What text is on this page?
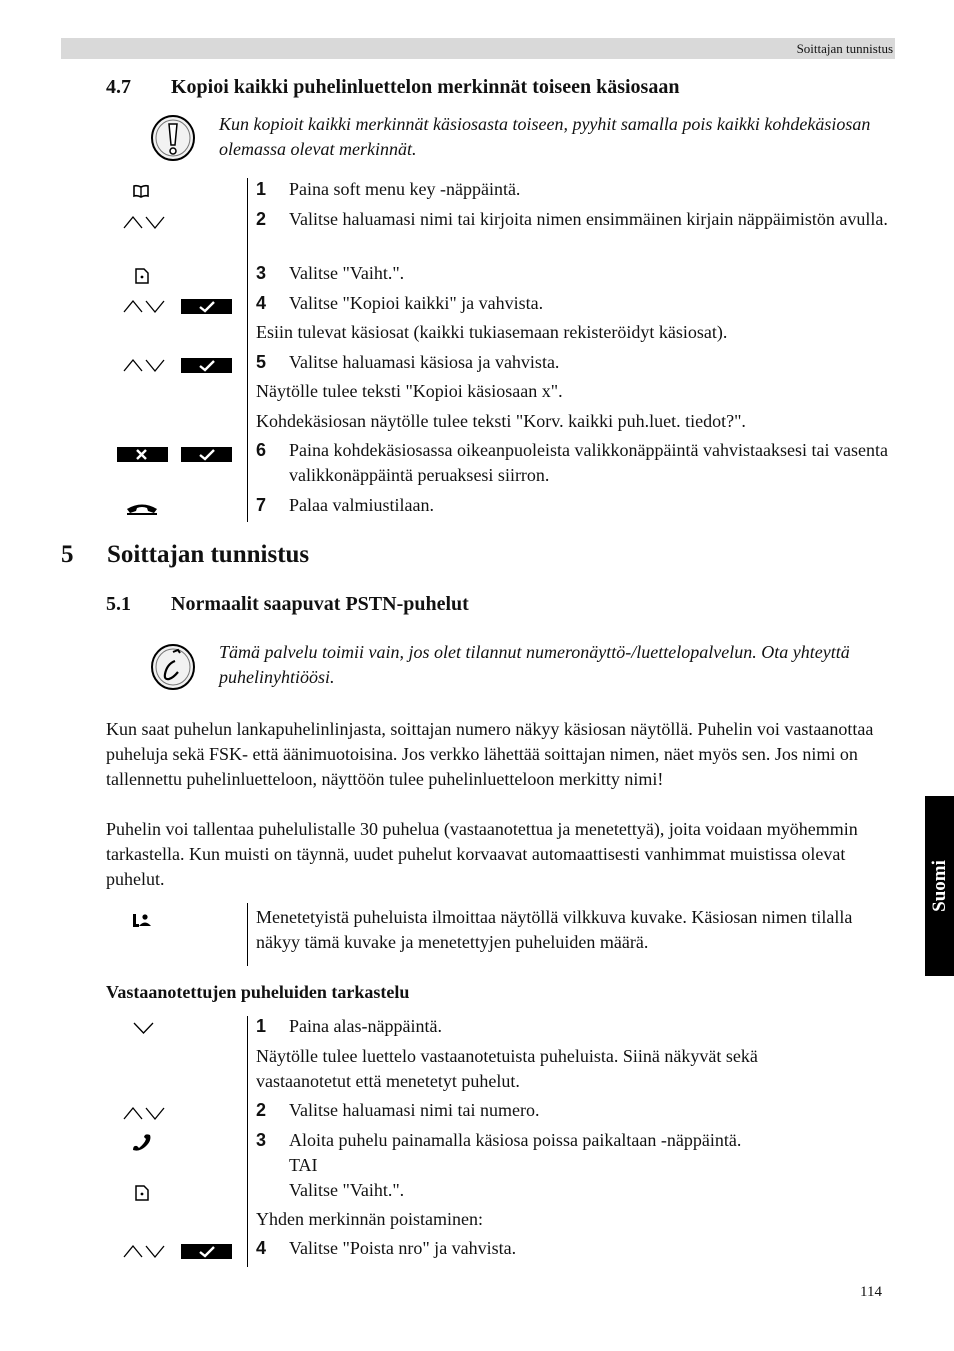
Soittajan tunnistus
Suomi
4.7 Kopioi kaikki puhelinluettelon merkinnät toiseen käsiosaan
Kun kopioit kaikki merkinnät käsiosasta toiseen, pyyhit samalla pois kaikki kohdekäsiosan olemassa olevat merkinnät.
1 Paina soft menu key -näppäintä.
2 Valitse haluamasi nimi tai kirjoita nimen ensimmäinen kirjain näppäimistön avulla.
3 Valitse "Vaiht.".
4 Valitse "Kopioi kaikki" ja vahvista.
Esiin tulevat käsiosat (kaikki tukiasemaan rekisteröidyt käsiosat).
5 Valitse haluamasi käsiosa ja vahvista.
Näytölle tulee teksti "Kopioi käsiosaan x".
Kohdekäsiosan näytölle tulee teksti "Korv. kaikki puh.luet. tiedot?".
6 Paina kohdekäsiosassa oikeanpuoleista valikkonäppäintä vahvistaaksesi tai vasenta valikkonäppäintä peruaksesi siirron.
7 Palaa valmiustilaan.
5 Soittajan tunnistus
5.1 Normaalit saapuvat PSTN-puhelut
Tämä palvelu toimii vain, jos olet tilannut numeronäyttö-/luettelopalvelun. Ota yhteyttä puhelinyhtiöösi.
Kun saat puhelun lankapuhelinlinjasta, soittajan numero näkyy käsiosan näytöllä. Puhelin voi vastaanottaa puheluja sekä FSK- että äänimuotoisina. Jos verkko lähettää soittajan nimen, näet myös sen. Jos nimi on tallennettu puhelinluetteloon, näyttöön tulee puhelinluetteloon merkitty nimi!
Puhelin voi tallentaa puhelulistalle 30 puhelua (vastaanotettua ja menetettyä), joita voidaan myöhemmin tarkastella. Kun muisti on täynnä, uudet puhelut korvaavat automaattisesti vanhimmat muistissa olevat puhelut.
Menetetyistä puheluista ilmoittaa näytöllä vilkkuva kuvake. Käsiosan nimen tilalla näkyy tämä kuvake ja menetettyjen puheluiden määrä.
Vastaanotettujen puheluiden tarkastelu
1 Paina alas-näppäintä.
Näytölle tulee luettelo vastaanotetuista puheluista. Siinä näkyvät sekä vastaanotetut että menetetyt puhelut.
2 Valitse haluamasi nimi tai numero.
3 Aloita puhelu painamalla käsiosa poissa paikaltaan -näppäintä.
TAI
Valitse "Vaiht.".
Yhden merkinnän poistaminen:
4 Valitse "Poista nro" ja vahvista.
114
